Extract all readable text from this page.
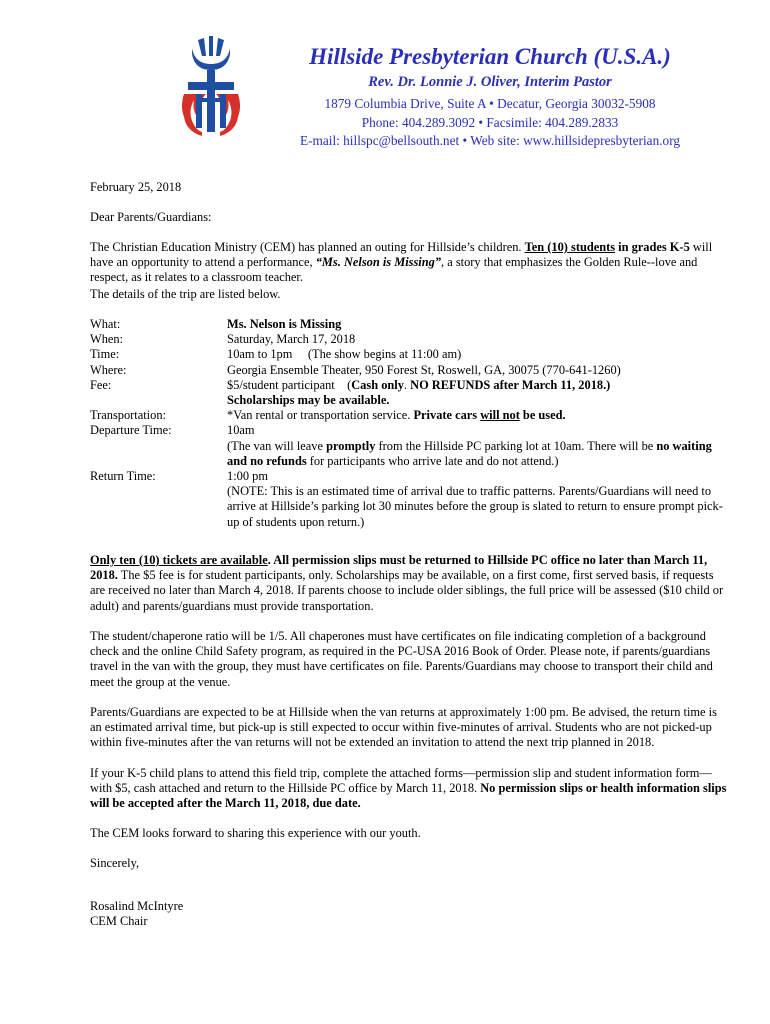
Hillside Presbyterian Church (U.S.A.)
Rev. Dr. Lonnie J. Oliver, Interim Pastor
1879 Columbia Drive, Suite A • Decatur, Georgia 30032-5908
Phone: 404.289.3092 • Facsimile: 404.289.2833
E-mail: hillspc@bellsouth.net • Web site: www.hillsidepresbyterian.org
February 25, 2018
Dear Parents/Guardians:
The Christian Education Ministry (CEM) has planned an outing for Hillside’s children. Ten (10) students in grades K-5 will have an opportunity to attend a performance, “Ms. Nelson is Missing”, a story that emphasizes the Golden Rule--love and respect, as it relates to a classroom teacher.
The details of the trip are listed below.
What:	Ms. Nelson is Missing
When:	Saturday, March 17, 2018
Time:	10am to 1pm     (The show begins at 11:00 am)
Where:	Georgia Ensemble Theater, 950 Forest St, Roswell, GA, 30075 (770-641-1260)
Fee:	$5/student participant    (Cash only. NO REFUNDS after March 11, 2018.)
Scholarships may be available.
Transportation:	*Van rental or transportation service. Private cars will not be used.
Departure Time:	10am
(The van will leave promptly from the Hillside PC parking lot at 10am. There will be no waiting and no refunds for participants who arrive late and do not attend.)
Return Time:	1:00 pm
(NOTE: This is an estimated time of arrival due to traffic patterns. Parents/Guardians will need to arrive at Hillside’s parking lot 30 minutes before the group is slated to return to ensure prompt pick-up of students upon return.)
Only ten (10) tickets are available. All permission slips must be returned to Hillside PC office no later than March 11, 2018. The $5 fee is for student participants, only. Scholarships may be available, on a first come, first served basis, if requests are received no later than March 4, 2018. If parents choose to include older siblings, the full price will be assessed ($10 child or adult) and parents/guardians must provide transportation.
The student/chaperone ratio will be 1/5. All chaperones must have certificates on file indicating completion of a background check and the online Child Safety program, as required in the PC-USA 2016 Book of Order. Please note, if parents/guardians travel in the van with the group, they must have certificates on file. Parents/Guardians may choose to transport their child and meet the group at the venue.
Parents/Guardians are expected to be at Hillside when the van returns at approximately 1:00 pm. Be advised, the return time is an estimated arrival time, but pick-up is still expected to occur within five-minutes of arrival. Students who are not picked-up within five-minutes after the van returns will not be extended an invitation to attend the next trip planned in 2018.
If your K-5 child plans to attend this field trip, complete the attached forms—permission slip and student information form—with $5, cash attached and return to the Hillside PC office by March 11, 2018. No permission slips or health information slips will be accepted after the March 11, 2018, due date.
The CEM looks forward to sharing this experience with our youth.
Sincerely,
Rosalind McIntyre
CEM Chair
